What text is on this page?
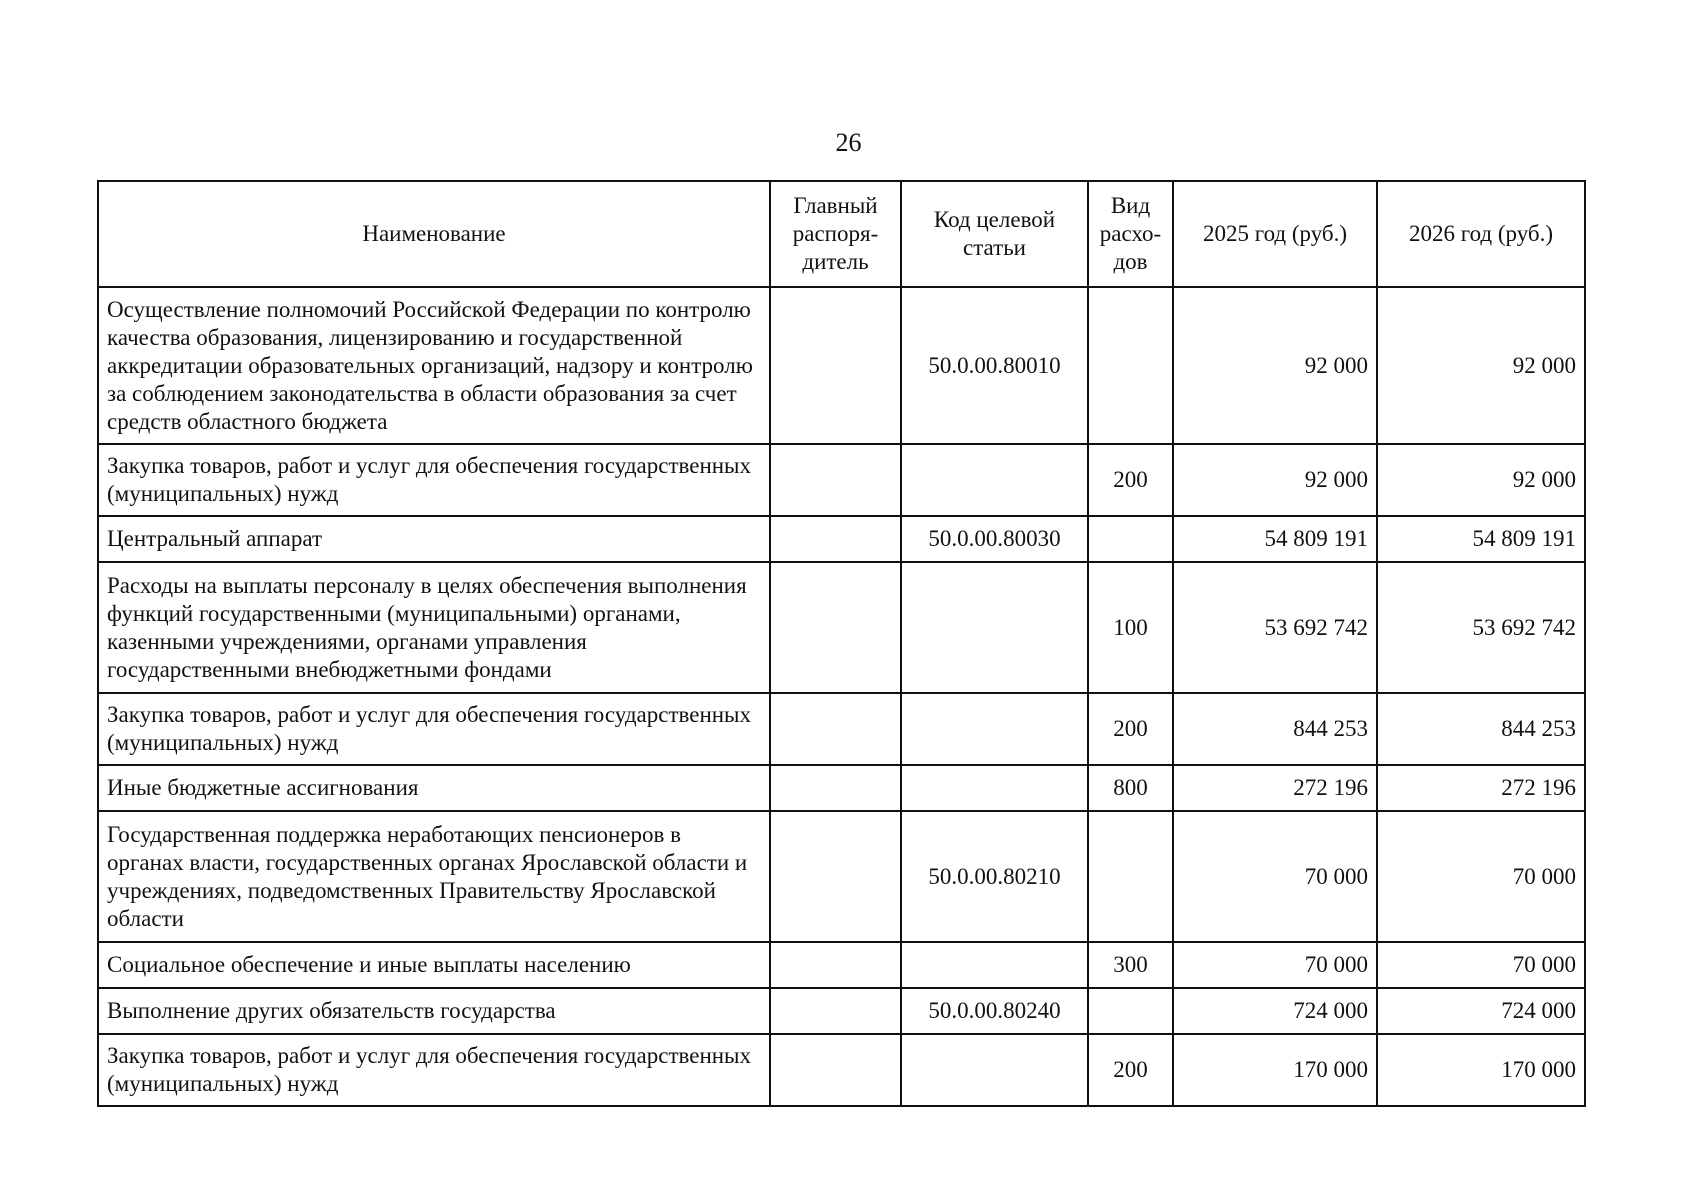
26
Наименование	Главный распоря-дитель	Код целевой статьи	Вид расхо-дов	2025 год (руб.)	2026 год (руб.)
Осуществление полномочий Российской Федерации по контролю качества образования, лицензированию и государственной аккредитации образовательных организаций, надзору и контролю за соблюдением законодательства в области образования за счет средств областного бюджета		50.0.00.80010		92 000	92 000
Закупка товаров, работ и услуг для обеспечения государственных (муниципальных) нужд			200	92 000	92 000
Центральный аппарат		50.0.00.80030		54 809 191	54 809 191
Расходы на выплаты персоналу в целях обеспечения выполнения функций государственными (муниципальными) органами, казенными учреждениями, органами управления государственными внебюджетными фондами			100	53 692 742	53 692 742
Закупка товаров, работ и услуг для обеспечения государственных (муниципальных) нужд			200	844 253	844 253
Иные бюджетные ассигнования			800	272 196	272 196
Государственная поддержка неработающих пенсионеров в органах власти, государственных органах Ярославской области и учреждениях, подведомственных Правительству Ярославской области		50.0.00.80210		70 000	70 000
Социальное обеспечение и иные выплаты населению			300	70 000	70 000
Выполнение других обязательств государства		50.0.00.80240		724 000	724 000
Закупка товаров, работ и услуг для обеспечения государственных (муниципальных) нужд			200	170 000	170 000
